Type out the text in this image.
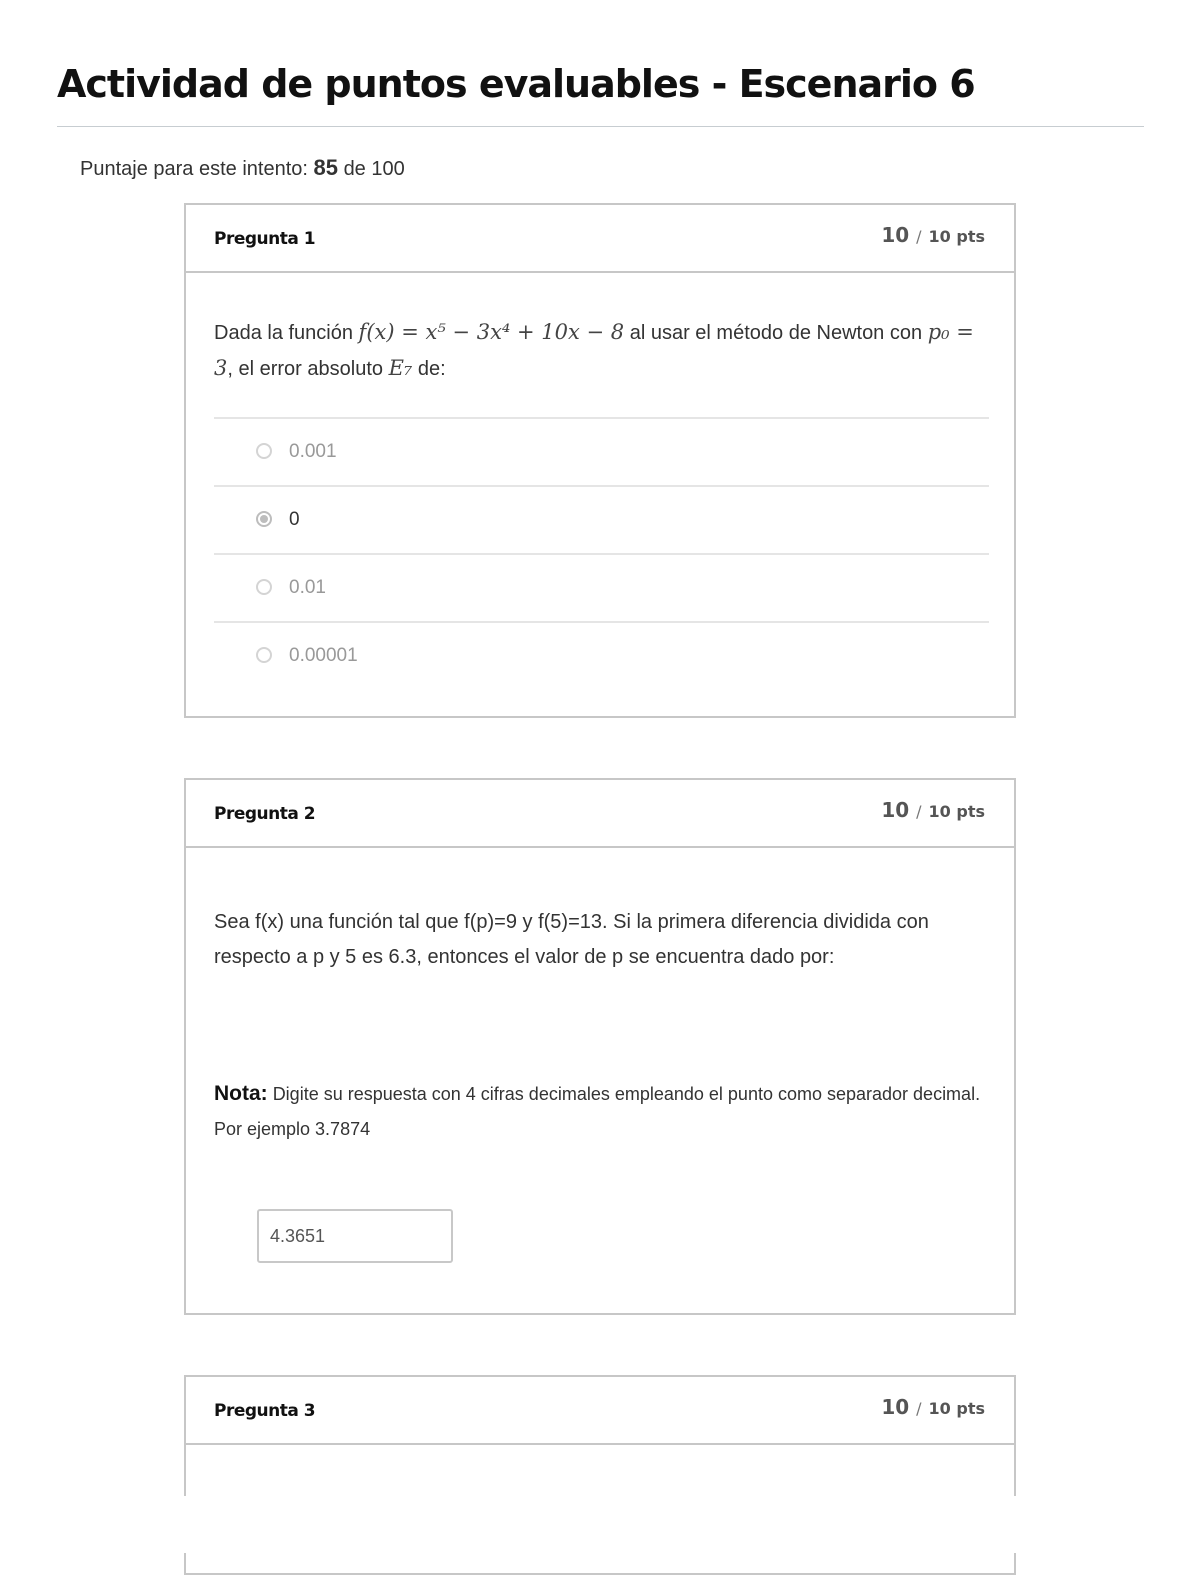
Actividad de puntos evaluables - Escenario 6
Puntaje para este intento: 85 de 100
Pregunta 1	10 / 10 pts
Dada la función f(x) = x⁵ − 3x⁴ + 10x − 8 al usar el método de Newton con p₀ = 3, el error absoluto E₇ de:
0.001
0
0.01
0.00001
Pregunta 2	10 / 10 pts
Sea f(x) una función tal que f(p)=9 y f(5)=13. Si la primera diferencia dividida con respecto a p y 5 es 6.3, entonces el valor de p se encuentra dado por:
Nota: Digite su respuesta con 4 cifras decimales empleando el punto como separador decimal. Por ejemplo 3.7874
4.3651
Pregunta 3	10 / 10 pts
